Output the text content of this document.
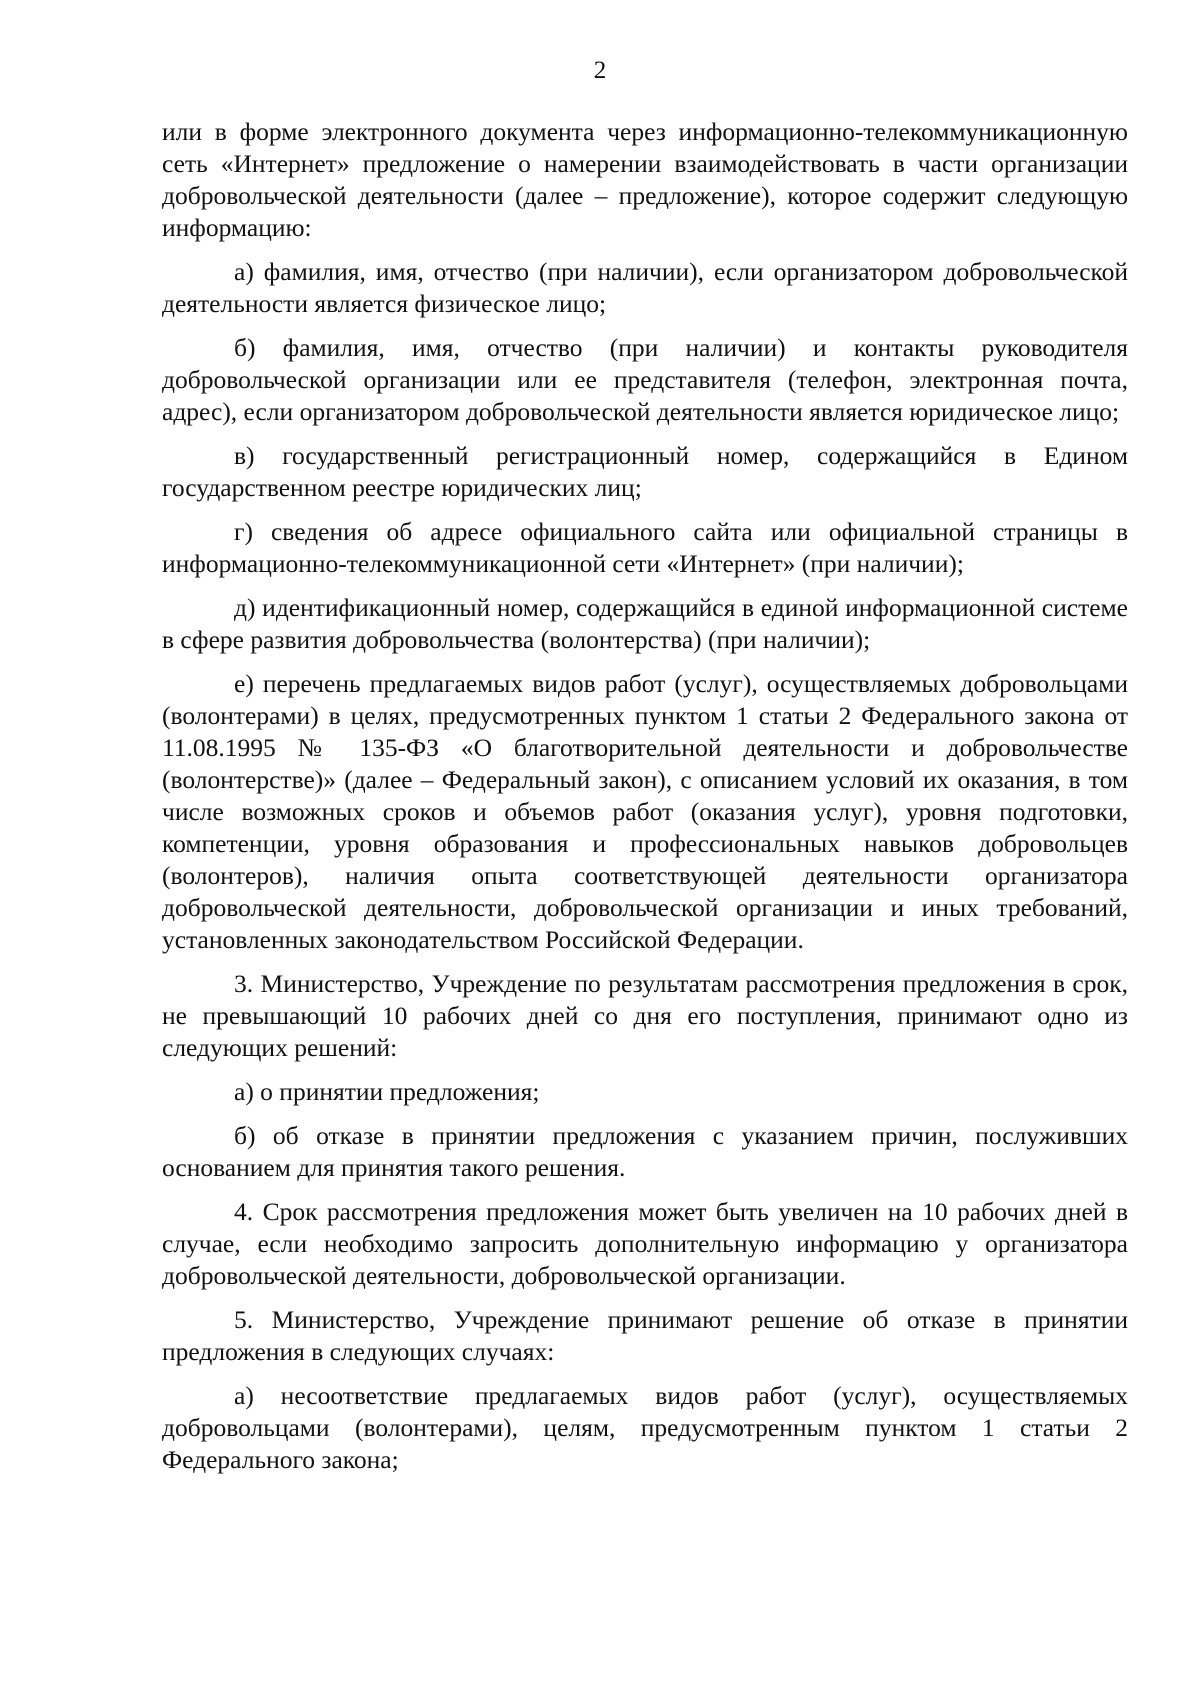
2

или в форме электронного документа через информационно-телекоммуникационную сеть «Интернет» предложение о намерении взаимодействовать в части организации добровольческой деятельности (далее – предложение), которое содержит следующую информацию:

а) фамилия, имя, отчество (при наличии), если организатором добровольческой деятельности является физическое лицо;

б) фамилия, имя, отчество (при наличии) и контакты руководителя добровольческой организации или ее представителя (телефон, электронная почта, адрес), если организатором добровольческой деятельности является юридическое лицо;

в) государственный регистрационный номер, содержащийся в Едином государственном реестре юридических лиц;

г) сведения об адресе официального сайта или официальной страницы в информационно-телекоммуникационной сети «Интернет» (при наличии);

д) идентификационный номер, содержащийся в единой информационной системе в сфере развития добровольчества (волонтерства) (при наличии);

е) перечень предлагаемых видов работ (услуг), осуществляемых добровольцами (волонтерами) в целях, предусмотренных пунктом 1 статьи 2 Федерального закона от 11.08.1995 № 135-ФЗ «О благотворительной деятельности и добровольчестве (волонтерстве)» (далее – Федеральный закон), с описанием условий их оказания, в том числе возможных сроков и объемов работ (оказания услуг), уровня подготовки, компетенции, уровня образования и профессиональных навыков добровольцев (волонтеров), наличия опыта соответствующей деятельности организатора добровольческой деятельности, добровольческой организации и иных требований, установленных законодательством Российской Федерации.

3. Министерство, Учреждение по результатам рассмотрения предложения в срок, не превышающий 10 рабочих дней со дня его поступления, принимают одно из следующих решений:

а) о принятии предложения;

б) об отказе в принятии предложения с указанием причин, послуживших основанием для принятия такого решения.

4. Срок рассмотрения предложения может быть увеличен на 10 рабочих дней в случае, если необходимо запросить дополнительную информацию у организатора добровольческой деятельности, добровольческой организации.

5. Министерство, Учреждение принимают решение об отказе в принятии предложения в следующих случаях:

а) несоответствие предлагаемых видов работ (услуг), осуществляемых добровольцами (волонтерами), целям, предусмотренным пунктом 1 статьи 2 Федерального закона;
